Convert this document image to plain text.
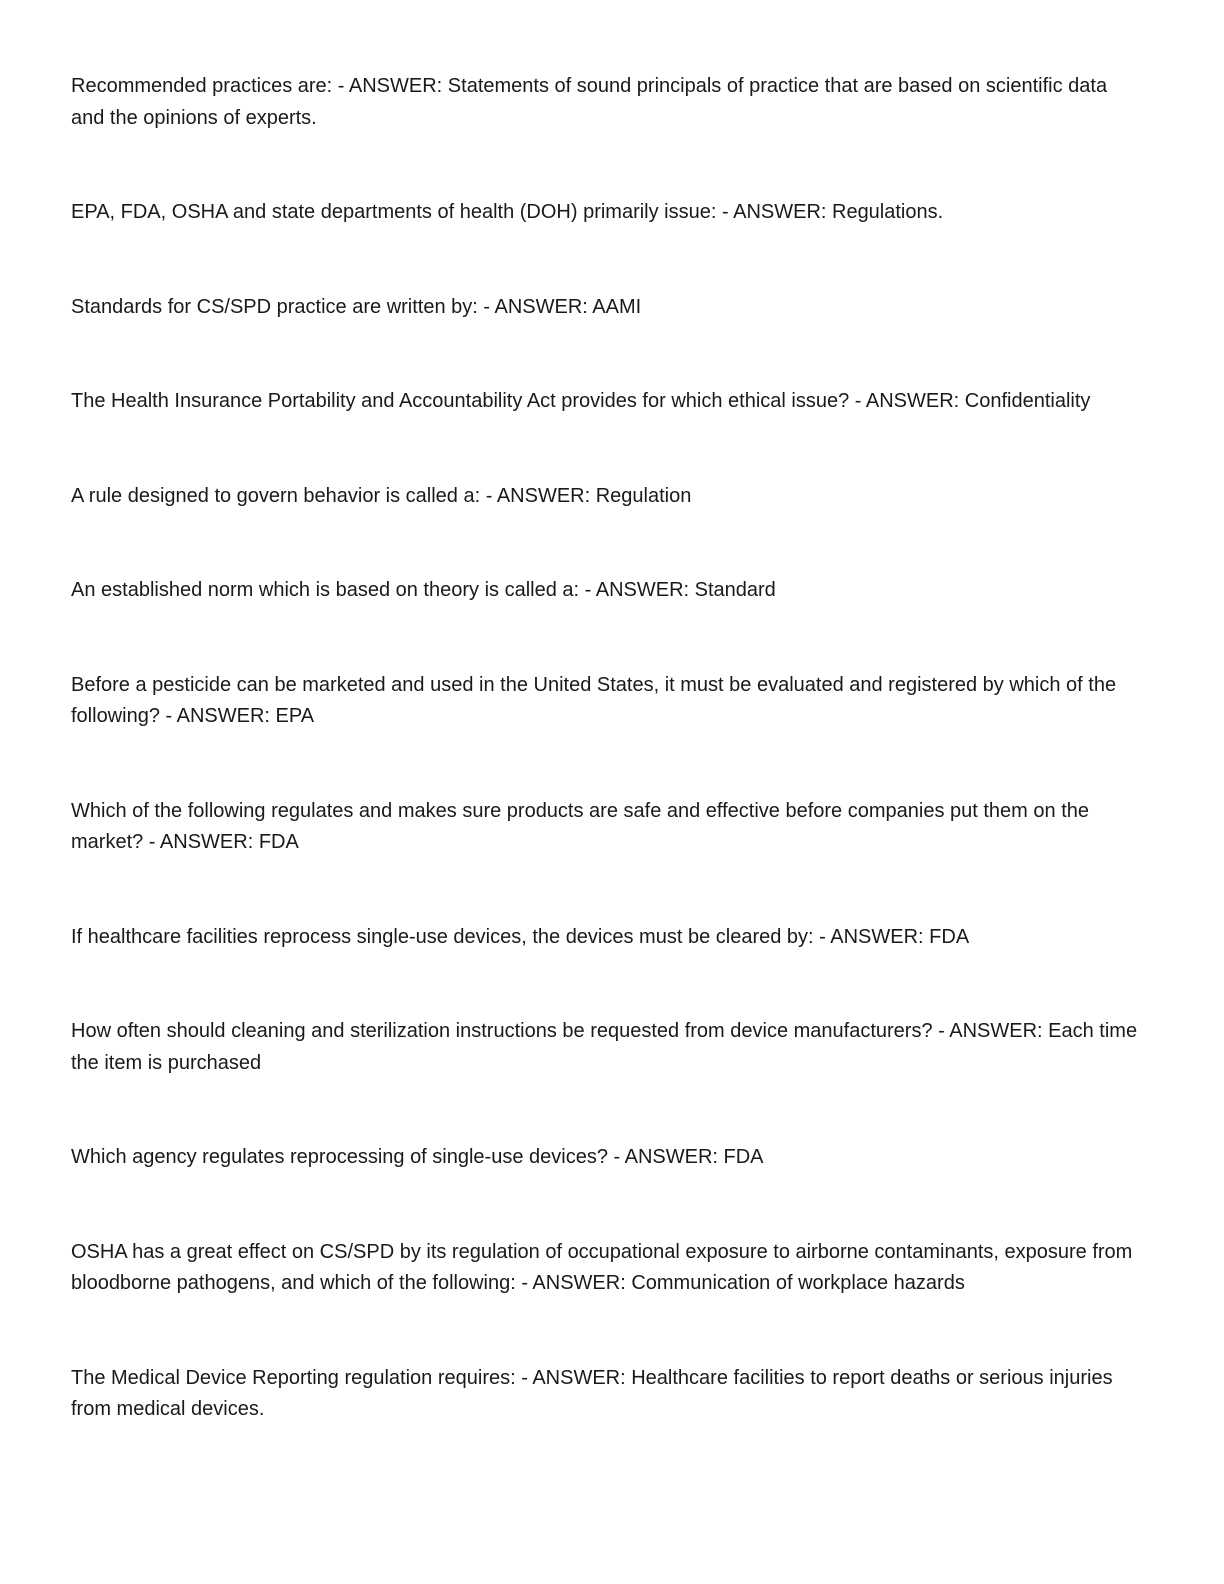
Recommended practices are: - ANSWER: Statements of sound principals of practice that are based on scientific data and the opinions of experts.

EPA, FDA, OSHA and state departments of health (DOH) primarily issue: - ANSWER: Regulations.

Standards for CS/SPD practice are written by: - ANSWER: AAMI

The Health Insurance Portability and Accountability Act provides for which ethical issue? - ANSWER: Confidentiality

A rule designed to govern behavior is called a: - ANSWER: Regulation

An established norm which is based on theory is called a: - ANSWER: Standard

Before a pesticide can be marketed and used in the United States, it must be evaluated and registered by which of the following? - ANSWER: EPA

Which of the following regulates and makes sure products are safe and effective before companies put them on the market? - ANSWER: FDA

If healthcare facilities reprocess single-use devices, the devices must be cleared by: - ANSWER: FDA

How often should cleaning and sterilization instructions be requested from device manufacturers? - ANSWER: Each time the item is purchased

Which agency regulates reprocessing of single-use devices? - ANSWER: FDA

OSHA has a great effect on CS/SPD by its regulation of occupational exposure to airborne contaminants, exposure from bloodborne pathogens, and which of the following: - ANSWER: Communication of workplace hazards

The Medical Device Reporting regulation requires: - ANSWER: Healthcare facilities to report deaths or serious injuries from medical devices.
